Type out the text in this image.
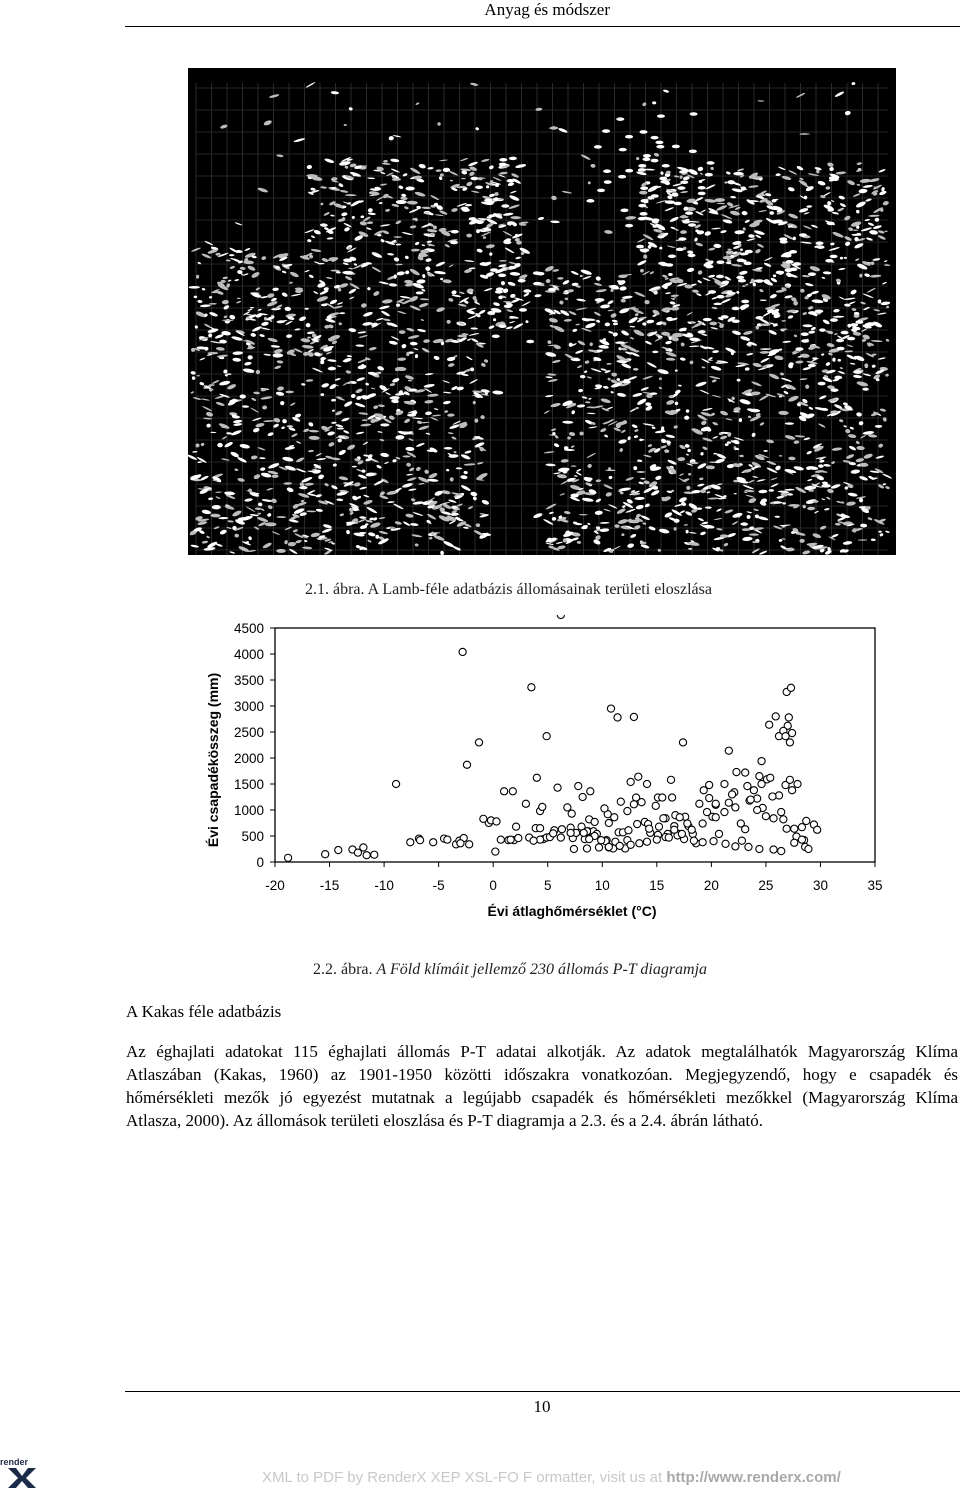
Anyag és módszer
2.1. ábra. A Lamb-féle adatbázis állomásainak területi eloszlása
Évi csapadékösszeg (mm)
Évi átlaghőmérséklet (°C)
-20	-15	-10	-5	0	5	10	15	20	25	30	35
0
500
1000
1500
2000
2500
3000
3500
4000
4500
2.2. ábra. A Föld klímáit jellemző 230 állomás P-T diagramja
A Kakas féle adatbázis
Az éghajlati adatokat 115 éghajlati állomás P-T adatai alkotják. Az adatok megtalálhatók Magyarország Klíma
Atlaszában (Kakas, 1960) az 1901-1950 közötti időszakra vonatkozóan. Megjegyzendő, hogy e csapadék és
hőmérsékleti mezők jó egyezést mutatnak a legújabb csapadék és hőmérsékleti mezőkkel (Magyarország Klíma
Atlasza, 2000). Az állomások területi eloszlása és P-T diagramja a 2.3. és a 2.4. ábrán látható.
10
render
XML to PDF by RenderX XEP XSL-FO F ormatter, visit us at http://www.renderx.com/
